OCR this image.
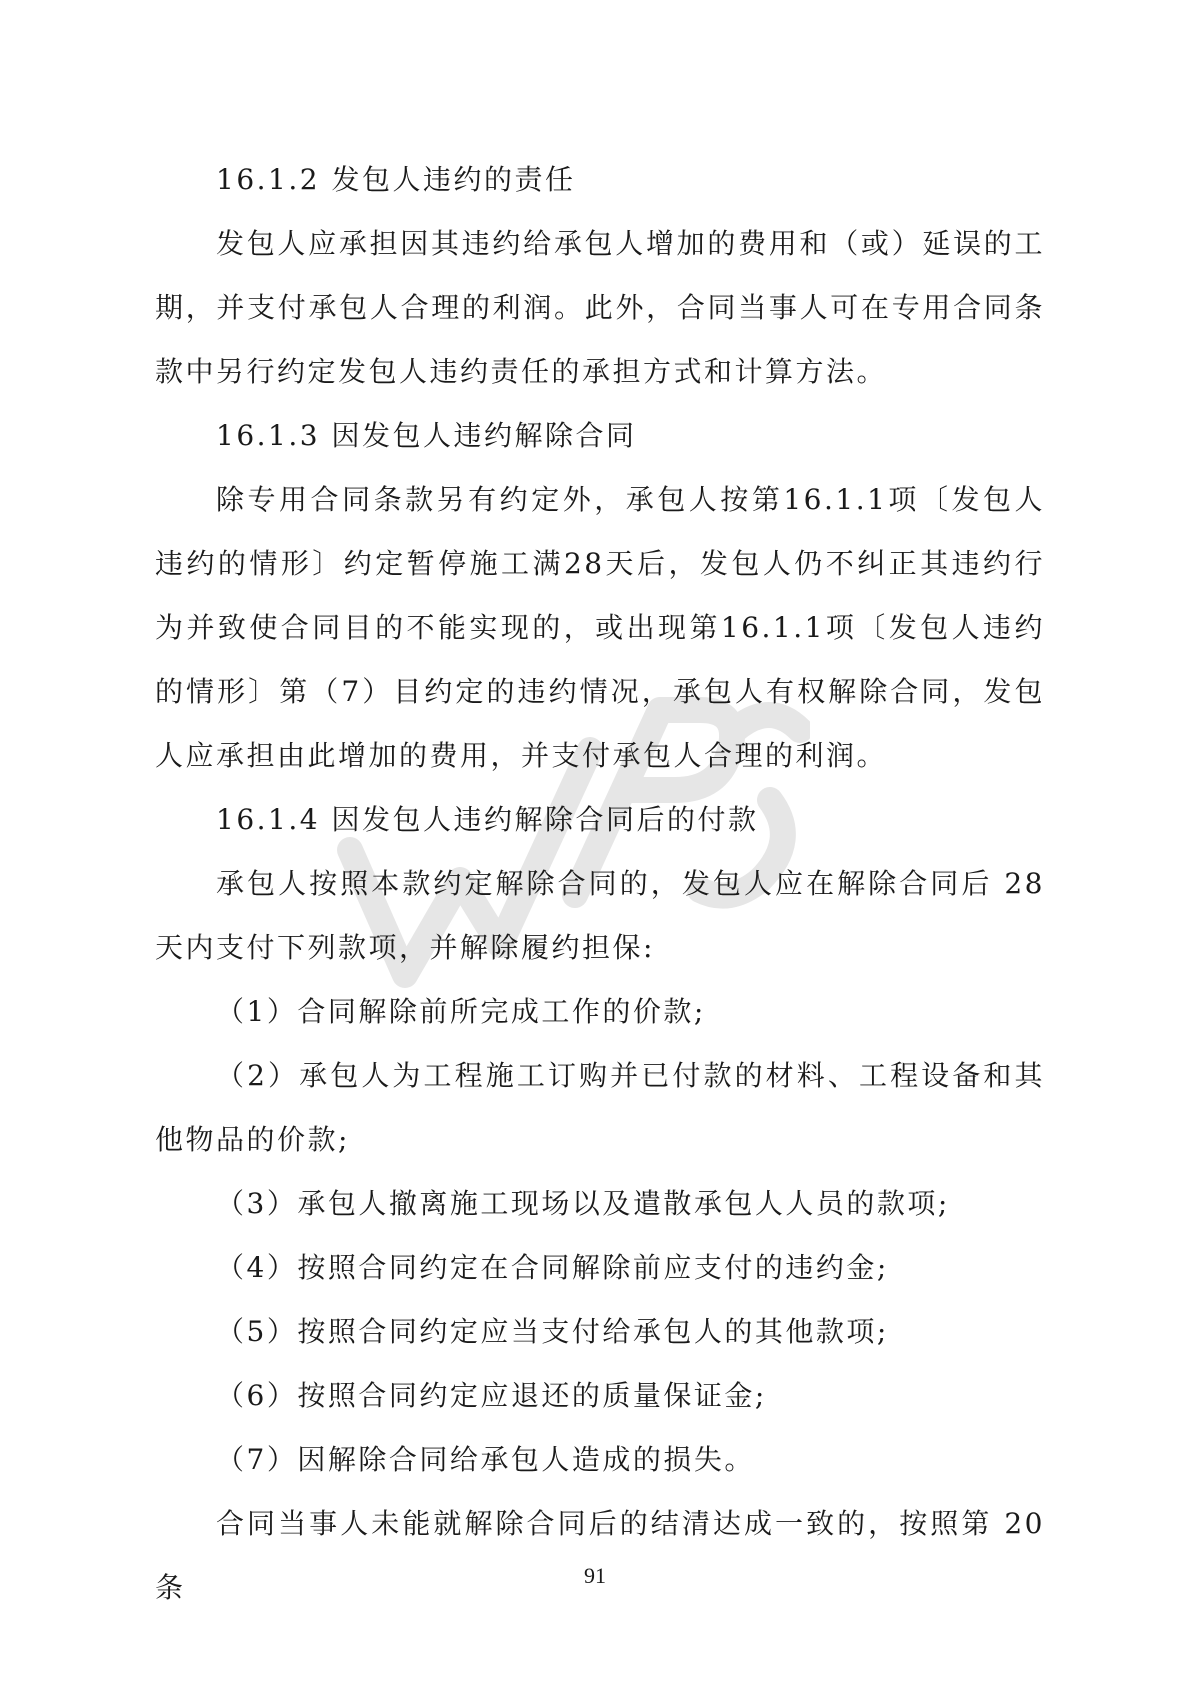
16.1.2 发包人违约的责任

发包人应承担因其违约给承包人增加的费用和（或）延误的工期，并支付承包人合理的利润。此外，合同当事人可在专用合同条款中另行约定发包人违约责任的承担方式和计算方法。

16.1.3 因发包人违约解除合同

除专用合同条款另有约定外，承包人按第16.1.1项〔发包人违约的情形〕约定暂停施工满28天后，发包人仍不纠正其违约行为并致使合同目的不能实现的，或出现第16.1.1项〔发包人违约的情形〕第（7）目约定的违约情况，承包人有权解除合同，发包人应承担由此增加的费用，并支付承包人合理的利润。

16.1.4 因发包人违约解除合同后的付款

承包人按照本款约定解除合同的，发包人应在解除合同后 28 天内支付下列款项，并解除履约担保:

（1）合同解除前所完成工作的价款;

（2）承包人为工程施工订购并已付款的材料、工程设备和其他物品的价款;

（3）承包人撤离施工现场以及遣散承包人人员的款项;

（4）按照合同约定在合同解除前应支付的违约金;

（5）按照合同约定应当支付给承包人的其他款项;

（6）按照合同约定应退还的质量保证金;

（7）因解除合同给承包人造成的损失。

合同当事人未能就解除合同后的结清达成一致的，按照第 20 条	91
